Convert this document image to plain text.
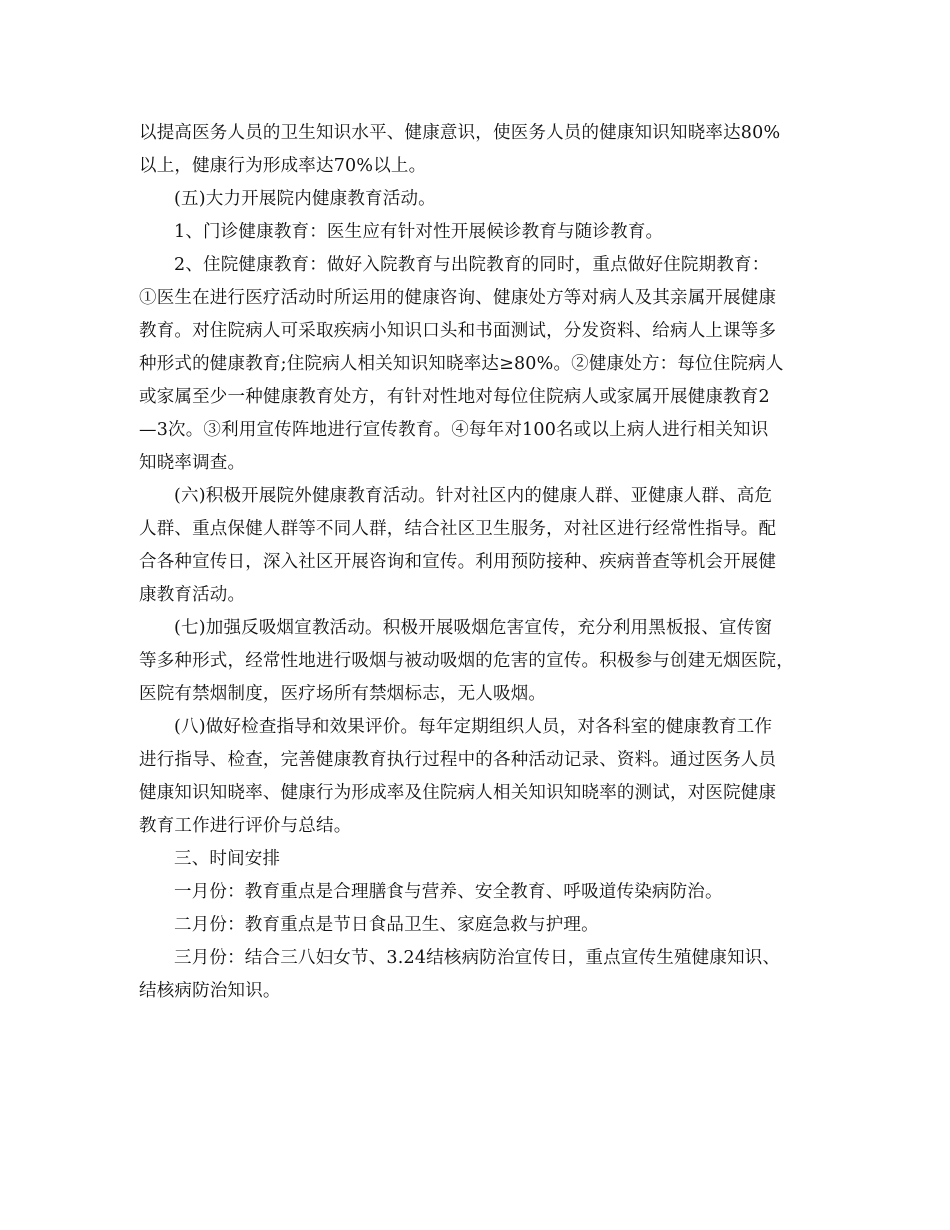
以提高医务人员的卫生知识水平、健康意识，使医务人员的健康知识知晓率达80%
以上，健康行为形成率达70%以上。
(五)大力开展院内健康教育活动。
1、门诊健康教育：医生应有针对性开展候诊教育与随诊教育。
2、住院健康教育：做好入院教育与出院教育的同时，重点做好住院期教育：
①医生在进行医疗活动时所运用的健康咨询、健康处方等对病人及其亲属开展健康
教育。对住院病人可采取疾病小知识口头和书面测试，分发资料、给病人上课等多
种形式的健康教育;住院病人相关知识知晓率达≥80%。②健康处方：每位住院病人
或家属至少一种健康教育处方，有针对性地对每位住院病人或家属开展健康教育2
—3次。③利用宣传阵地进行宣传教育。④每年对100名或以上病人进行相关知识
知晓率调查。
(六)积极开展院外健康教育活动。针对社区内的健康人群、亚健康人群、高危
人群、重点保健人群等不同人群，结合社区卫生服务，对社区进行经常性指导。配
合各种宣传日，深入社区开展咨询和宣传。利用预防接种、疾病普查等机会开展健
康教育活动。
(七)加强反吸烟宣教活动。积极开展吸烟危害宣传，充分利用黑板报、宣传窗
等多种形式，经常性地进行吸烟与被动吸烟的危害的宣传。积极参与创建无烟医院，
医院有禁烟制度，医疗场所有禁烟标志，无人吸烟。
(八)做好检查指导和效果评价。每年定期组织人员，对各科室的健康教育工作
进行指导、检查，完善健康教育执行过程中的各种活动记录、资料。通过医务人员
健康知识知晓率、健康行为形成率及住院病人相关知识知晓率的测试，对医院健康
教育工作进行评价与总结。
三、时间安排
一月份：教育重点是合理膳食与营养、安全教育、呼吸道传染病防治。
二月份：教育重点是节日食品卫生、家庭急救与护理。
三月份：结合三八妇女节、3.24结核病防治宣传日，重点宣传生殖健康知识、
结核病防治知识。
